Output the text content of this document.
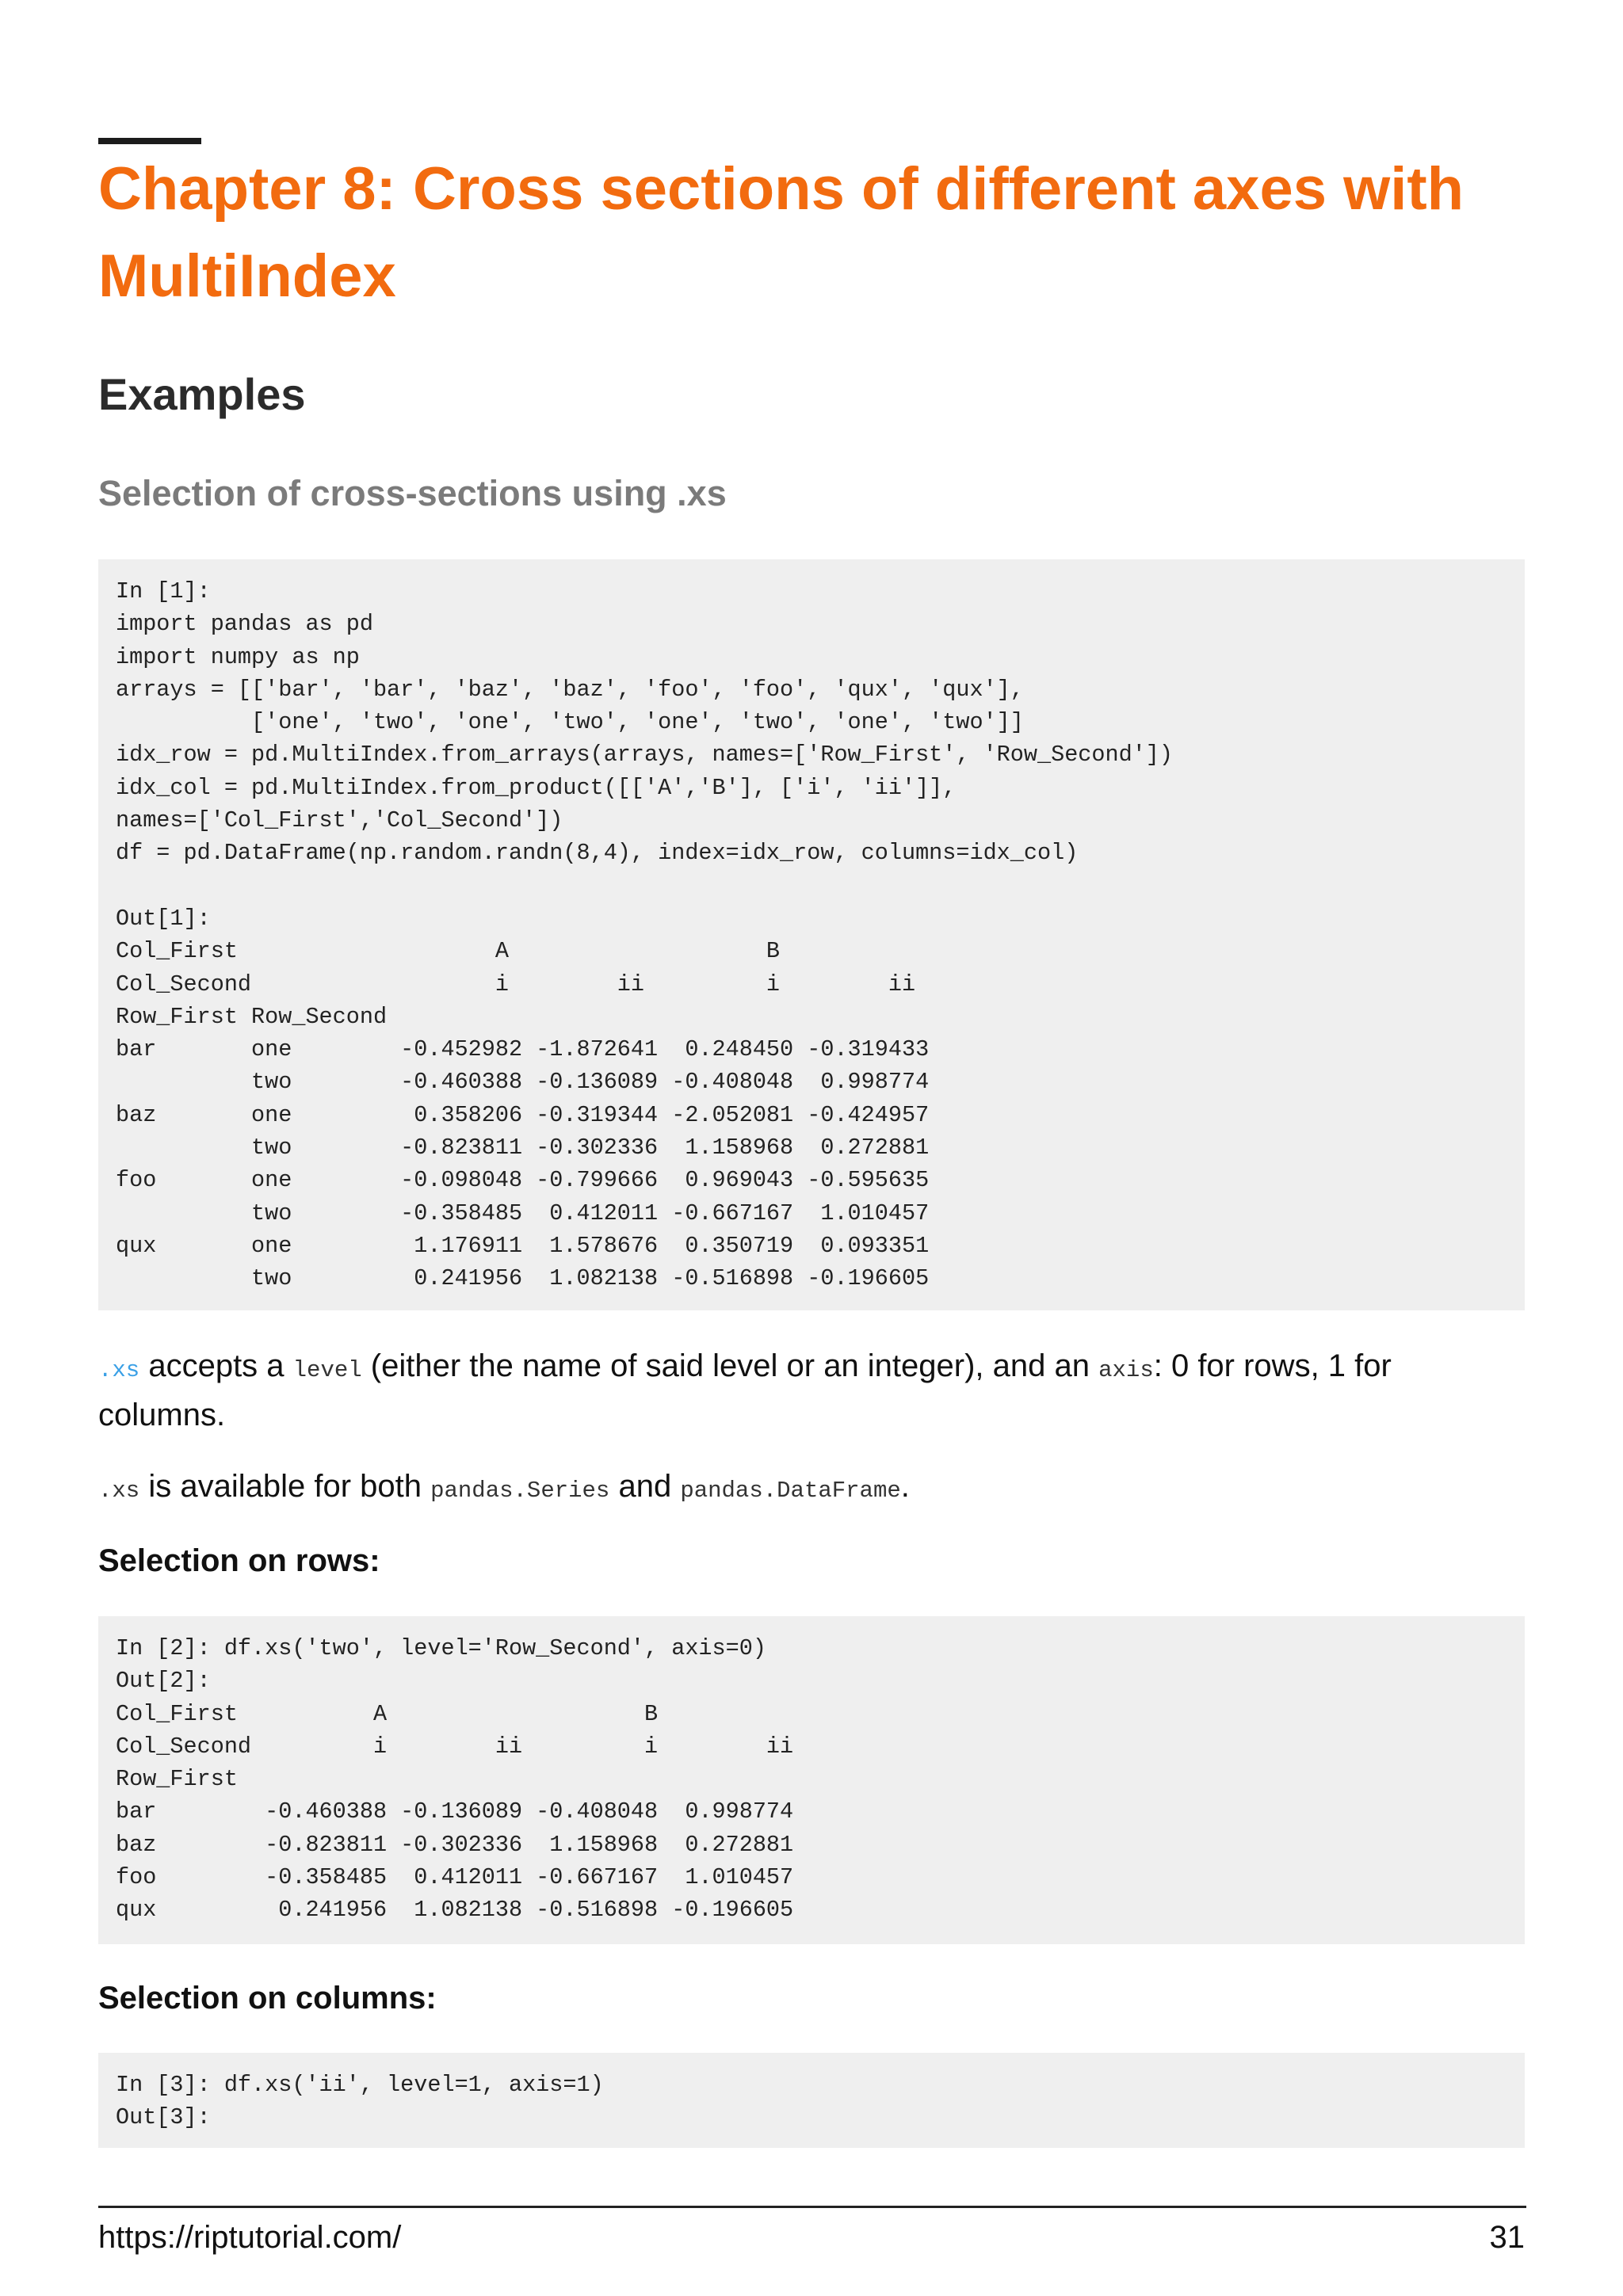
Chapter 8: Cross sections of different axes with MultiIndex
Examples
Selection of cross-sections using .xs
In [1]:
import pandas as pd
import numpy as np
arrays = [['bar', 'bar', 'baz', 'baz', 'foo', 'foo', 'qux', 'qux'],
['one', 'two', 'one', 'two', 'one', 'two', 'one', 'two']]
idx_row = pd.MultiIndex.from_arrays(arrays, names=['Row_First', 'Row_Second'])
idx_col = pd.MultiIndex.from_product([['A','B'], ['i', 'ii']],
names=['Col_First','Col_Second'])
df = pd.DataFrame(np.random.randn(8,4), index=idx_row, columns=idx_col)

Out[1]:
Col_First                   A                   B
Col_Second                  i        ii         i        ii
Row_First Row_Second
bar       one        -0.452982 -1.872641  0.248450 -0.319433
two        -0.460388 -0.136089 -0.408048  0.998774
baz       one         0.358206 -0.319344 -2.052081 -0.424957
two        -0.823811 -0.302336  1.158968  0.272881
foo       one        -0.098048 -0.799666  0.969043 -0.595635
two        -0.358485  0.412011 -0.667167  1.010457
qux       one         1.176911  1.578676  0.350719  0.093351
two         0.241956  1.082138 -0.516898 -0.196605

.xs accepts a level (either the name of said level or an integer), and an axis: 0 for rows, 1 for columns.

.xs is available for both pandas.Series and pandas.DataFrame.

Selection on rows:

In [2]: df.xs('two', level='Row_Second', axis=0)
Out[2]:
Col_First          A                   B
Col_Second         i        ii         i        ii
Row_First
bar        -0.460388 -0.136089 -0.408048  0.998774
baz        -0.823811 -0.302336  1.158968  0.272881
foo        -0.358485  0.412011 -0.667167  1.010457
qux         0.241956  1.082138 -0.516898 -0.196605

Selection on columns:

In [3]: df.xs('ii', level=1, axis=1)
Out[3]:
https://riptutorial.com/	31
